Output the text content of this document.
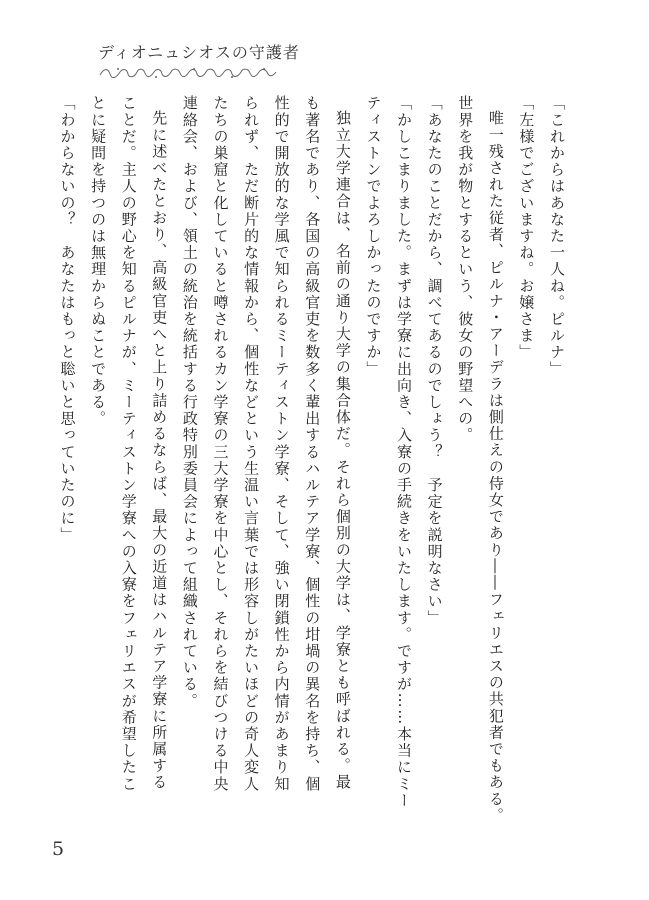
ディオニュシオスの守護者

「これからはあなた一人ね。ピルナ」

「左様でございますね。お嬢さま」

唯一残された従者、ピルナ・アーデラは側仕えの侍女であり――フェリエスの共犯者でもある。

世界を我が物とするという、彼女の野望への。

「あなたのことだから、調べてあるのでしょう？　予定を説明なさい」

「かしこまりました。まずは学寮に出向き、入寮の手続きをいたします。ですが……本当にミー

ティストンでよろしかったのですか」

独立大学連合は、名前の通り大学の集合体だ。それら個別の大学は、学寮とも呼ばれる。最

も著名であり、各国の高級官吏を数多く輩出するハルテア学寮、個性の坩堝の異名を持ち、個

性的で開放的な学風で知られるミーティストン学寮、そして、強い閉鎖性から内情があまり知

られず、ただ断片的な情報から、個性などという生温い言葉では形容しがたいほどの奇人変人

たちの巣窟と化していると噂されるカン学寮の三大学寮を中心とし、それらを結びつける中央

連絡会、および、領土の統治を統括する行政特別委員会によって組織されている。

先に述べたとおり、高級官吏へと上り詰めるならば、最大の近道はハルテア学寮に所属する

ことだ。主人の野心を知るピルナが、ミーティストン学寮への入寮をフェリエスが希望したこ

とに疑問を持つのは無理からぬことである。

「わからないの？　あなたはもっと聡いと思っていたのに」

5
